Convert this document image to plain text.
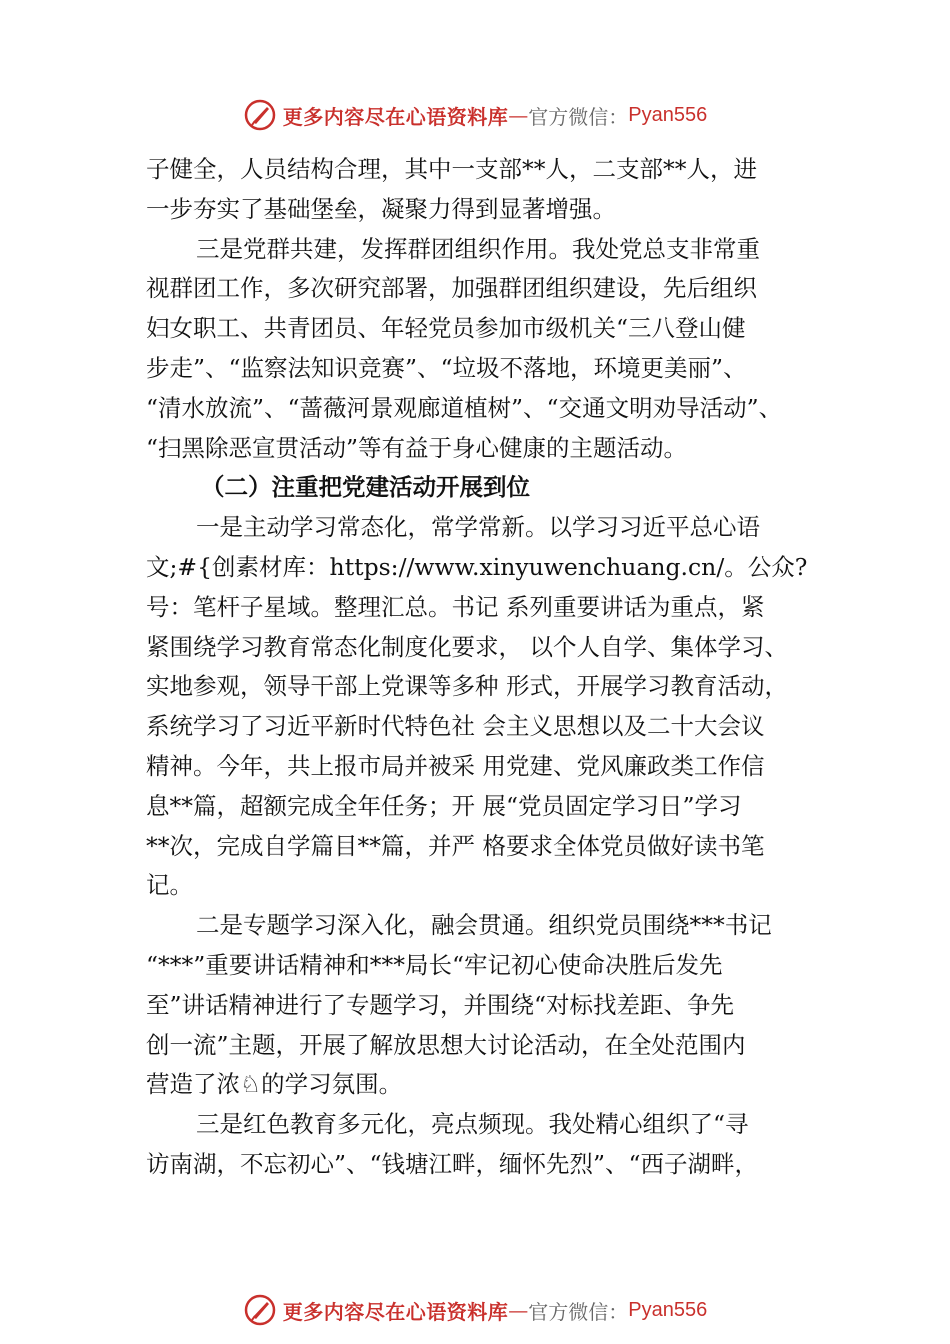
更多内容尽在心语资料库 — 官方微信： Pyan556
子健全，人员结构合理，其中一支部**人，二支部**人，进
一步夯实了基础堡垒，凝聚力得到显著增强。
三是党群共建，发挥群团组织作用。我处党总支非常重
视群团工作，多次研究部署，加强群团组织建设，先后组织
妇女职工、共青团员、年轻党员参加市级机关“三八登山健
步走”、“监察法知识竞赛”、“垃圾不落地，环境更美丽”、
“清水放流”、“蔷薇河景观廊道植树”、“交通文明劝导活动”、
“扫黑除恶宣贯活动”等有益于身心健康的主题活动。
（二）注重把党建活动开展到位
一是主动学习常态化，常学常新。以学习习近平总心语
文;#{创素材库：https://www.xinyuwenchuang.cn/。公众?
号：笔杆子星域。整理汇总。书记 系列重要讲话为重点，紧
紧围绕学习教育常态化制度化要求， 以个人自学、集体学习、
实地参观，领导干部上党课等多种 形式，开展学习教育活动，
系统学习了习近平新时代特色社 会主义思想以及二十大会议
精神。今年，共上报市局并被采 用党建、党风廉政类工作信
息**篇，超额完成全年任务；开 展“党员固定学习日”学习
**次，完成自学篇目**篇，并严 格要求全体党员做好读书笔
记。
二是专题学习深入化，融会贯通。组织党员围绕***书记
“***”重要讲话精神和***局长“牢记初心使命决胜后发先
至”讲话精神进行了专题学习，并围绕“对标找差距、争先
创一流”主题，开展了解放思想大讨论活动，在全处范围内
营造了浓♘的学习氛围。
三是红色教育多元化，亮点频现。我处精心组织了“寻
访南湖，不忘初心”、“钱塘江畔，缅怀先烈”、“西子湖畔，
更多内容尽在心语资料库 — 官方微信： Pyan556
